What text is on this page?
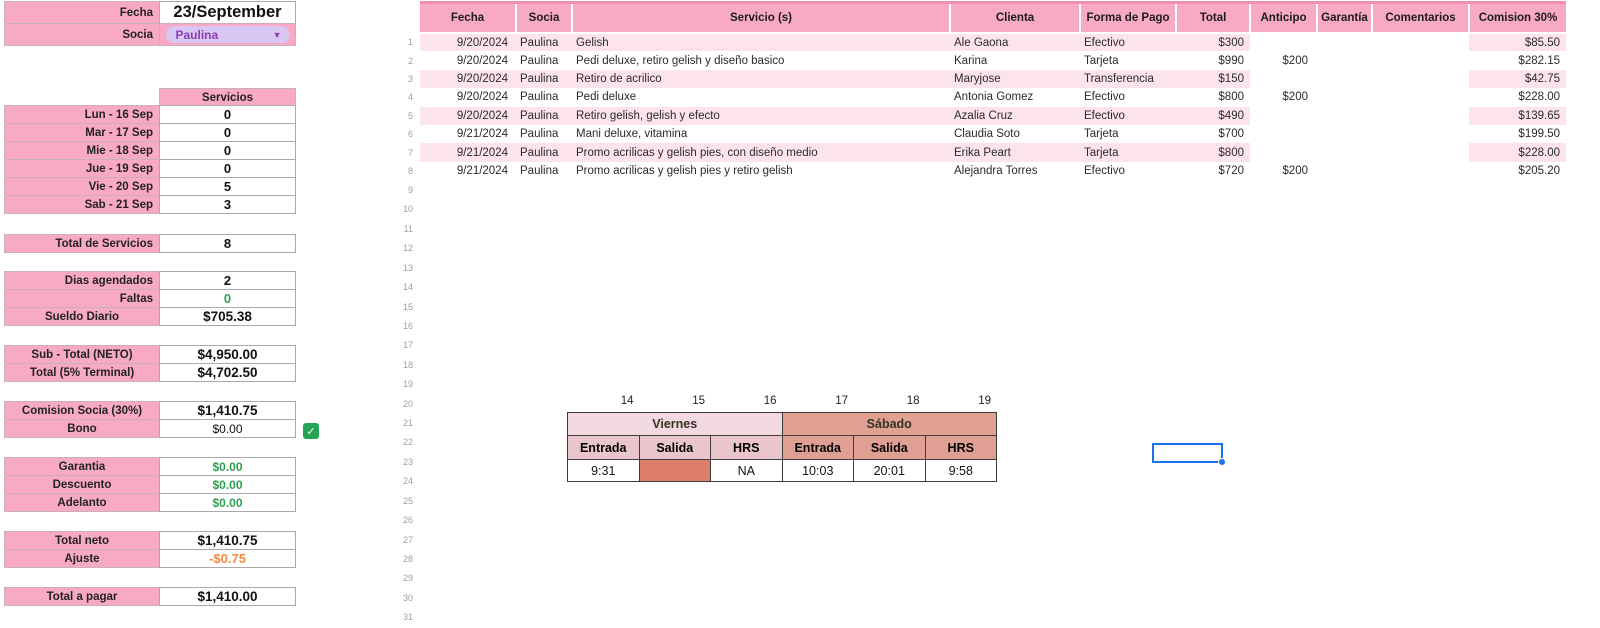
Fecha	23/September
Socia	Paulina	▼
Servicios
Lun - 16 Sep	0
Mar - 17 Sep	0
Mie - 18 Sep	0
Jue - 19 Sep	0
Vie - 20 Sep	5
Sab - 21 Sep	3
Total de Servicios	8
Dias agendados	2
Faltas	0
Sueldo Diario	$705.38
Sub - Total (NETO)	$4,950.00
Total (5% Terminal)	$4,702.50
Comision Socia (30%)	$1,410.75
Bono	$0.00	✓
Garantia	$0.00
Descuento	$0.00
Adelanto	$0.00
Total neto	$1,410.75
Ajuste	-$0.75
Total a pagar	$1,410.00
1
2
3
4
5
6
7
8
9
10
11
12
13
14
15
16
17
18
19
20
21
22
23
24
25
26
27
28
29
30
31
Fecha	Socia	Servicio (s)	Clienta	Forma de Pago	Total	Anticipo	Garantía	Comentarios	Comision 30%
9/20/2024	Paulina	Gelish	Ale Gaona	Efectivo	$300				$85.50
9/20/2024	Paulina	Pedi deluxe, retiro gelish y diseño basico	Karina	Tarjeta	$990	$200			$282.15
9/20/2024	Paulina	Retiro de acrilico	Maryjose	Transferencia	$150				$42.75
9/20/2024	Paulina	Pedi deluxe	Antonia Gomez	Efectivo	$800	$200			$228.00
9/20/2024	Paulina	Retiro gelish, gelish y efecto	Azalia Cruz	Efectivo	$490				$139.65
9/21/2024	Paulina	Mani deluxe, vitamina	Claudia Soto	Tarjeta	$700				$199.50
9/21/2024	Paulina	Promo acrilicas y gelish pies, con diseño medio	Erika Peart	Tarjeta	$800				$228.00
9/21/2024	Paulina	Promo acrilicas y gelish pies y retiro gelish	Alejandra Torres	Efectivo	$720	$200			$205.20
14	15	16	17	18	19
Viernes			Sábado		
Entrada	Salida	HRS	Entrada	Salida	HRS
9:31		NA	10:03	20:01	9:58
